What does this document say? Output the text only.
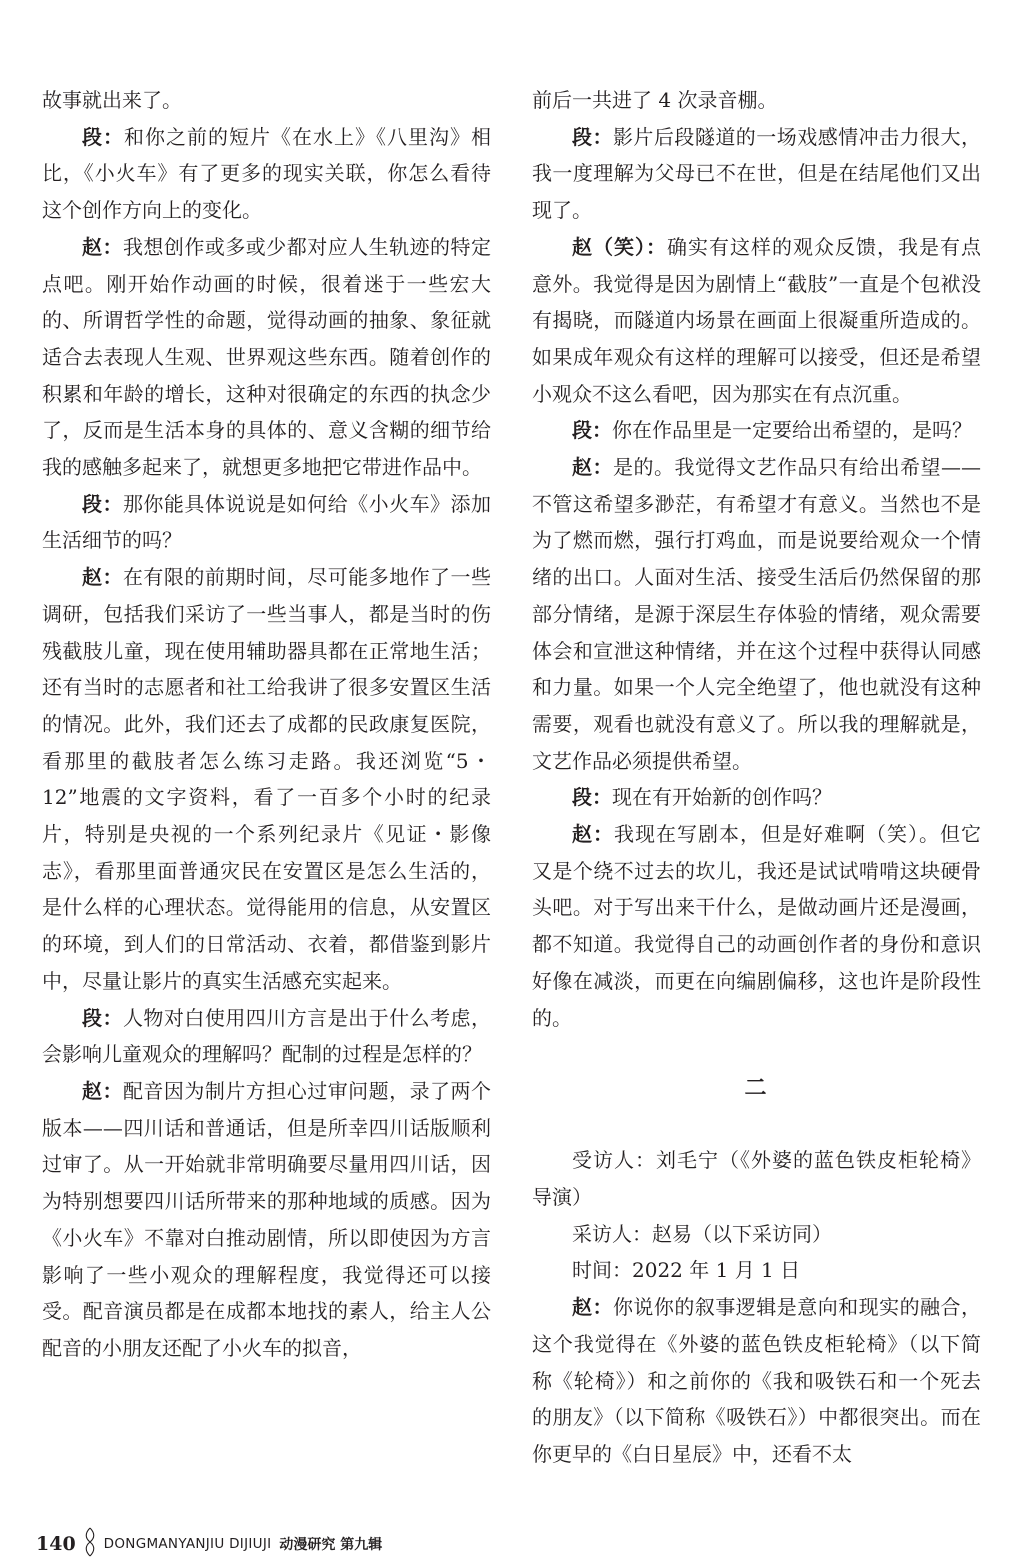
故事就出来了。

段：和你之前的短片《在水上》《八里沟》相比，《小火车》有了更多的现实关联，你怎么看待这个创作方向上的变化。

赵：我想创作或多或少都对应人生轨迹的特定点吧。刚开始作动画的时候，很着迷于一些宏大的、所谓哲学性的命题，觉得动画的抽象、象征就适合去表现人生观、世界观这些东西。随着创作的积累和年龄的增长，这种对很确定的东西的执念少了，反而是生活本身的具体的、意义含糊的细节给我的感触多起来了，就想更多地把它带进作品中。

段：那你能具体说说是如何给《小火车》添加生活细节的吗？

赵：在有限的前期时间，尽可能多地作了一些调研，包括我们采访了一些当事人，都是当时的伤残截肢儿童，现在使用辅助器具都在正常地生活；还有当时的志愿者和社工给我讲了很多安置区生活的情况。此外，我们还去了成都的民政康复医院，看那里的截肢者怎么练习走路。我还浏览“5・12”地震的文字资料，看了一百多个小时的纪录片，特别是央视的一个系列纪录片《见证・影像志》，看那里面普通灾民在安置区是怎么生活的，是什么样的心理状态。觉得能用的信息，从安置区的环境，到人们的日常活动、衣着，都借鉴到影片中，尽量让影片的真实生活感充实起来。

段：人物对白使用四川方言是出于什么考虑，会影响儿童观众的理解吗？配制的过程是怎样的？

赵：配音因为制片方担心过审问题，录了两个版本——四川话和普通话，但是所幸四川话版顺利过审了。从一开始就非常明确要尽量用四川话，因为特别想要四川话所带来的那种地域的质感。因为《小火车》不靠对白推动剧情，所以即使因为方言影响了一些小观众的理解程度，我觉得还可以接受。配音演员都是在成都本地找的素人，给主人公配音的小朋友还配了小火车的拟音，

前后一共进了 4 次录音棚。

段：影片后段隧道的一场戏感情冲击力很大，我一度理解为父母已不在世，但是在结尾他们又出现了。

赵（笑）：确实有这样的观众反馈，我是有点意外。我觉得是因为剧情上“截肢”一直是个包袱没有揭晓，而隧道内场景在画面上很凝重所造成的。如果成年观众有这样的理解可以接受，但还是希望小观众不这么看吧，因为那实在有点沉重。

段：你在作品里是一定要给出希望的，是吗？

赵：是的。我觉得文艺作品只有给出希望——不管这希望多渺茫，有希望才有意义。当然也不是为了燃而燃，强行打鸡血，而是说要给观众一个情绪的出口。人面对生活、接受生活后仍然保留的那部分情绪，是源于深层生存体验的情绪，观众需要体会和宣泄这种情绪，并在这个过程中获得认同感和力量。如果一个人完全绝望了，他也就没有这种需要，观看也就没有意义了。所以我的理解就是，文艺作品必须提供希望。

段：现在有开始新的创作吗？

赵：我现在写剧本，但是好难啊（笑）。但它又是个绕不过去的坎儿，我还是试试啃啃这块硬骨头吧。对于写出来干什么，是做动画片还是漫画，都不知道。我觉得自己的动画创作者的身份和意识好像在减淡，而更在向编剧偏移，这也许是阶段性的。

二

受访人：刘毛宁（《外婆的蓝色铁皮柜轮椅》导演）

采访人：赵易（以下采访同）

时间：2022 年 1 月 1 日

赵：你说你的叙事逻辑是意向和现实的融合，这个我觉得在《外婆的蓝色铁皮柜轮椅》（以下简称《轮椅》）和之前你的《我和吸铁石和一个死去的朋友》（以下简称《吸铁石》）中都很突出。而在你更早的《白日星辰》中，还看不太

140 DONGMANYANJIU DIJIUJI 动漫研究 第九辑
